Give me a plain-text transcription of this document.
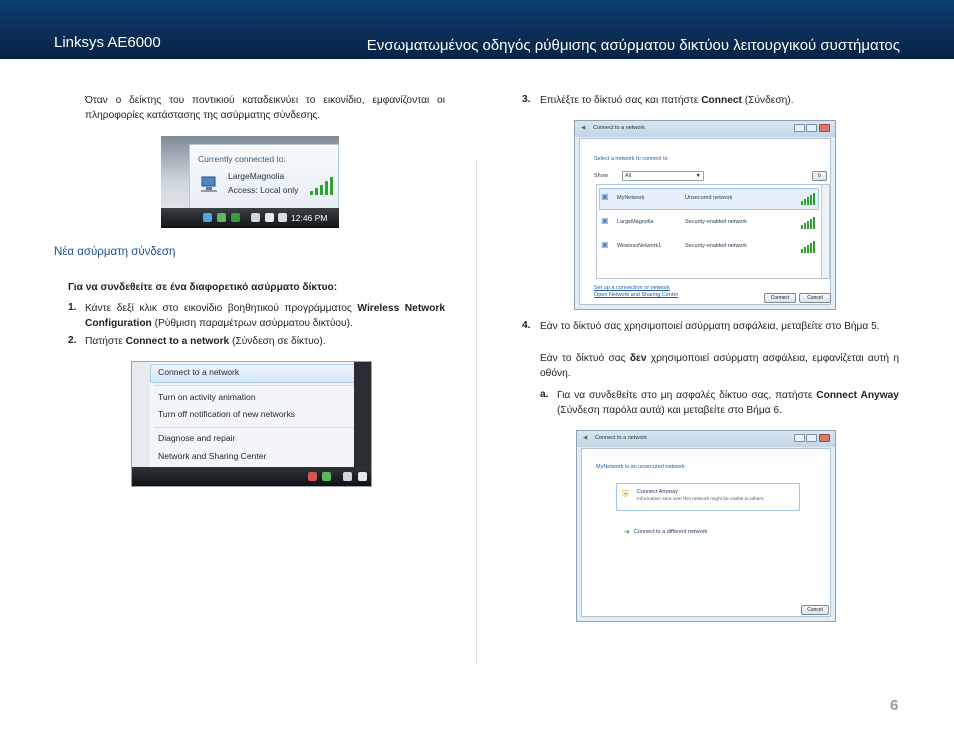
Linksys AE6000	Ενσωματωμένος οδηγός ρύθμισης ασύρματου δικτύου λειτουργικού συστήματος
Όταν ο δείκτης του ποντικιού καταδεικνύει το εικονίδιο, εμφανίζονται οι πληροφορίες κατάστασης της ασύρματης σύνδεσης.
Currently connected to:
LargeMagnolia
Access: Local only
12:46 PM
Νέα ασύρματη σύνδεση
Για να συνδεθείτε σε ένα διαφορετικό ασύρματο δίκτυο:
1. Κάντε δεξί κλικ στο εικονίδιο βοηθητικού προγράμματος Wireless Network Configuration (Ρύθμιση παραμέτρων ασύρματου δικτύου).
2. Πατήστε Connect to a network (Σύνδεση σε δίκτυο).
Connect to a network
Turn on activity animation
Turn off notification of new networks
Diagnose and repair
Network and Sharing Center
3. Επιλέξτε το δίκτυό σας και πατήστε Connect (Σύνδεση).
◀ Connect to a network
Select a network to connect to
Show	All	▼	↻
▣ MyNetwork	Unsecured network
▣ LargeMagnolia	Security-enabled network
▣ WirelessNetwork1	Security-enabled network
Set up a connection or network
Open Network and Sharing Center	Connect	Cancel
4. Εάν το δίκτυό σας χρησιμοποιεί ασύρματη ασφάλεια, μεταβείτε στο Βήμα 5.
Εάν το δίκτυό σας δεν χρησιμοποιεί ασύρματη ασφάλεια, εμφανίζεται αυτή η οθόνη.
a. Για να συνδεθείτε στο μη ασφαλές δίκτυο σας, πατήστε Connect Anyway (Σύνδεση παρόλα αυτά) και μεταβείτε στο Βήμα 6.
◀ Connect to a network
MyNetwork is an unsecured network
⛨ Connect Anyway
Information sent over this network might be visible to others.
➜ Connect to a different network
Cancel
6
